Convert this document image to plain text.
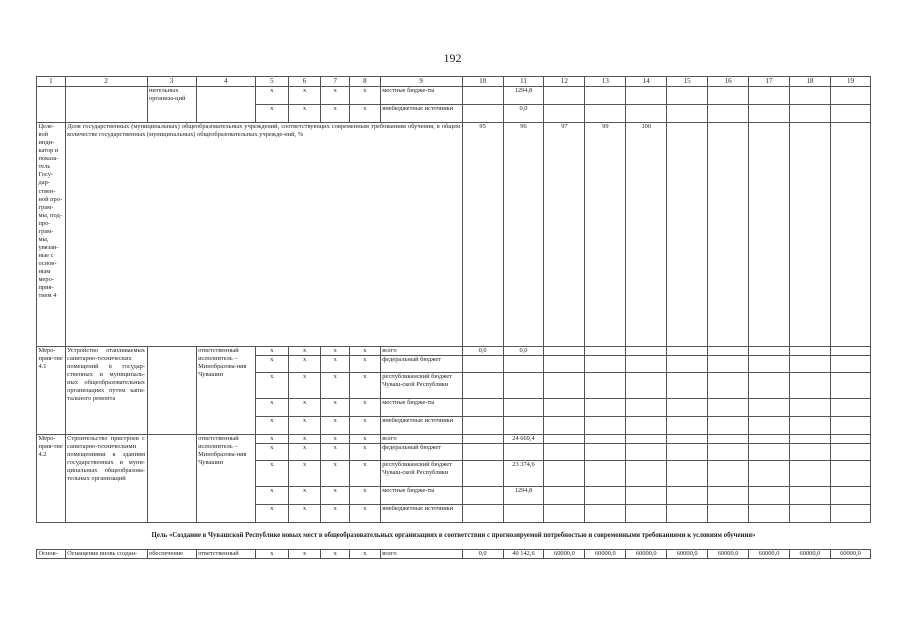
192
1	2	3	4	5	6	7	8	9	10	11	12	13	14	15	16	17	18	19
		нительных организа-ций		х	х	х	х	местные бюдже-ты		1294,8								
				х	х	х	х	внебюджетные источники		0,0								
Целе-вой инди-катор и показа-тель Госу-дар-ствен-ной про-грам-мы, под-про-грам-мы, увязан-ные с основ-ным меро-прия-тием 4	Доля государственных (муниципальных) общеобразовательных учреждений, соответствующих современным требованиям обучения, в общем количестве государственных (муниципальных) общеобразовательных учрежде-ний, %								95	96	97	99	100					
Меро-прия-тие 4.1	Устройство отапливаемых санитарно-технических помещений в государ-ственных и муниципаль-ных общеобразовательных организациях путем капи-тального ремонта		ответственный исполнитель – Минобразова-ния Чувашии	х	х	х	х	всего	0,0	0,0								
				х	х	х	х	федеральный бюджет										
				х	х	х	х	республиканский бюджет Чуваш-ской Республики										
				х	х	х	х	местные бюдже-ты										
				х	х	х	х	внебюджетные источники										
Меро-прия-тие 4.2	Строительство пристроев с санитарно-техническими помещениями к зданиям государственных и муни-ципальных общеобразова-тельных организаций		ответственный исполнитель – Минобразова-ния Чувашии	х	х	х	х	всего		24 669,4								
				х	х	х	х	федеральный бюджет										
				х	х	х	х	республиканский бюджет Чуваш-ской Республики		23 374,6								
				х	х	х	х	местные бюдже-ты		1294,8								
				х	х	х	х	внебюджетные источники										
Цель «Создание в Чувашской Республике новых мест в общеобразовательных организациях в соответствии с прогнозируемой потребностью и современными требованиями к условиям обучения»																		
Основ-	Оснащение вновь создан-	обеспечение	ответственный	х	х	х	х	всего	0,0	40 142,6	60000,0	60000,0	60000,0	60000,0	60000,0	60000,0	60000,0	60000,0
